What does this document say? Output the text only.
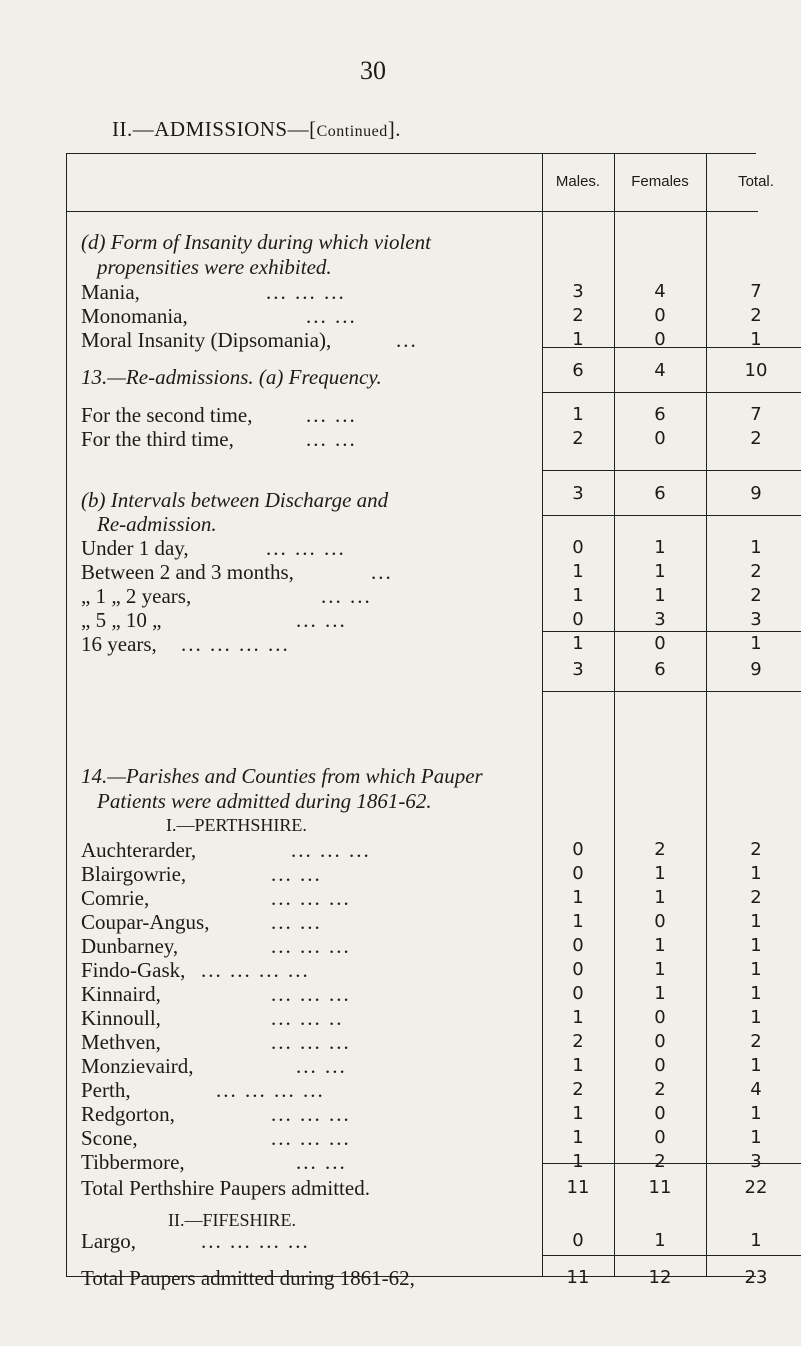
30
II.—ADMISSIONS—[Continued].
Males.	Females	Total.
(d) Form of Insanity during which violent
propensities were exhibited.
13.—Re-admissions. (a) Frequency.
(b) Intervals between Discharge and
Re-admission.
14.—Parishes and Counties from which Pauper
Patients were admitted during 1861-62.
I.—PERTHSHIRE.
II.—FIFESHIRE.
Mania,	... ... ...	3	4	7
Monomania,	... ...	2	0	2
Moral Insanity (Dipsomania),	...	1	0	1
6	4	10
For the second time,	... ...	1	6	7
For the third time,	... ...	2	0	2
3	6	9
Under 1 day,	... ... ...	0	1	1
Between 2 and 3 months,	...	1	1	2
„ 1 „ 2 years,	... ...	1	1	2
„ 5 „ 10 „	... ...	0	3	3
16 years, ... ... ... ...	1	0	1
3	6	9
Auchterarder,	... ... ...	0	2	2
Blairgowrie,	... ...	0	1	1
Comrie,	... ... ...	1	1	2
Coupar-Angus,	... ...	1	0	1
Dunbarney,	... ... ...	0	1	1
Findo-Gask, ... ... ... ...	0	1	1
Kinnaird,	... ... ...	0	1	1
Kinnoull,	... ... ..	1	0	1
Methven,	... ... ...	2	0	2
Monzievaird,	... ...	1	0	1
Perth,	... ... ... ...	2	2	4
Redgorton,	... ... ...	1	0	1
Scone,	... ... ...	1	0	1
Tibbermore,	... ...	1	2	3
Total Perthshire Paupers admitted.	11	11	22
Largo,	... ... ... ...	0	1	1
Total Paupers admitted during 1861-62,	11	12	23
